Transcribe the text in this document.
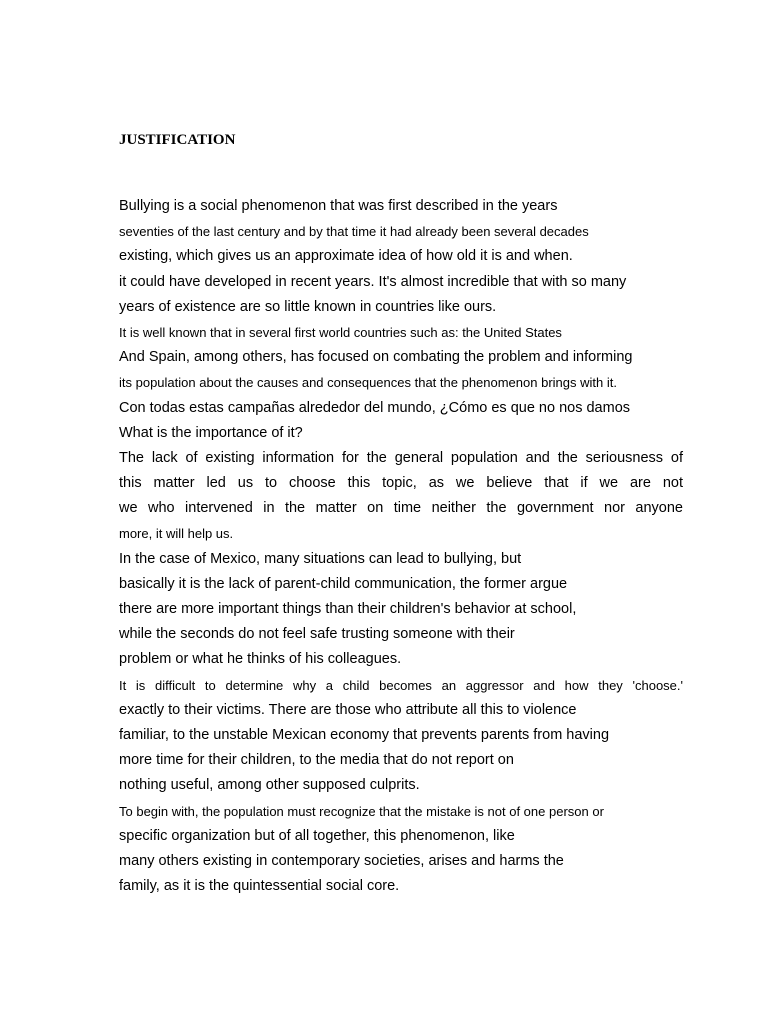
JUSTIFICATION
Bullying is a social phenomenon that was first described in the years
seventies of the last century and by that time it had already been several decades
existing, which gives us an approximate idea of how old it is and when.
it could have developed in recent years. It's almost incredible that with so many
years of existence are so little known in countries like ours.
It is well known that in several first world countries such as: the United States
And Spain, among others, has focused on combating the problem and informing
its population about the causes and consequences that the phenomenon brings with it.
Con todas estas campañas alrededor del mundo, ¿Cómo es que no nos damos
What is the importance of it?
The lack of existing information for the general population and the seriousness of
this matter led us to choose this topic, as we believe that if we are not
we who intervened in the matter on time neither the government nor anyone
more, it will help us.
In the case of Mexico, many situations can lead to bullying, but
basically it is the lack of parent-child communication, the former argue
there are more important things than their children's behavior at school,
while the seconds do not feel safe trusting someone with their
problem or what he thinks of his colleagues.
It is difficult to determine why a child becomes an aggressor and how they 'choose.'
exactly to their victims. There are those who attribute all this to violence
familiar, to the unstable Mexican economy that prevents parents from having
more time for their children, to the media that do not report on
nothing useful, among other supposed culprits.
To begin with, the population must recognize that the mistake is not of one person or
specific organization but of all together, this phenomenon, like
many others existing in contemporary societies, arises and harms the
family, as it is the quintessential social core.
